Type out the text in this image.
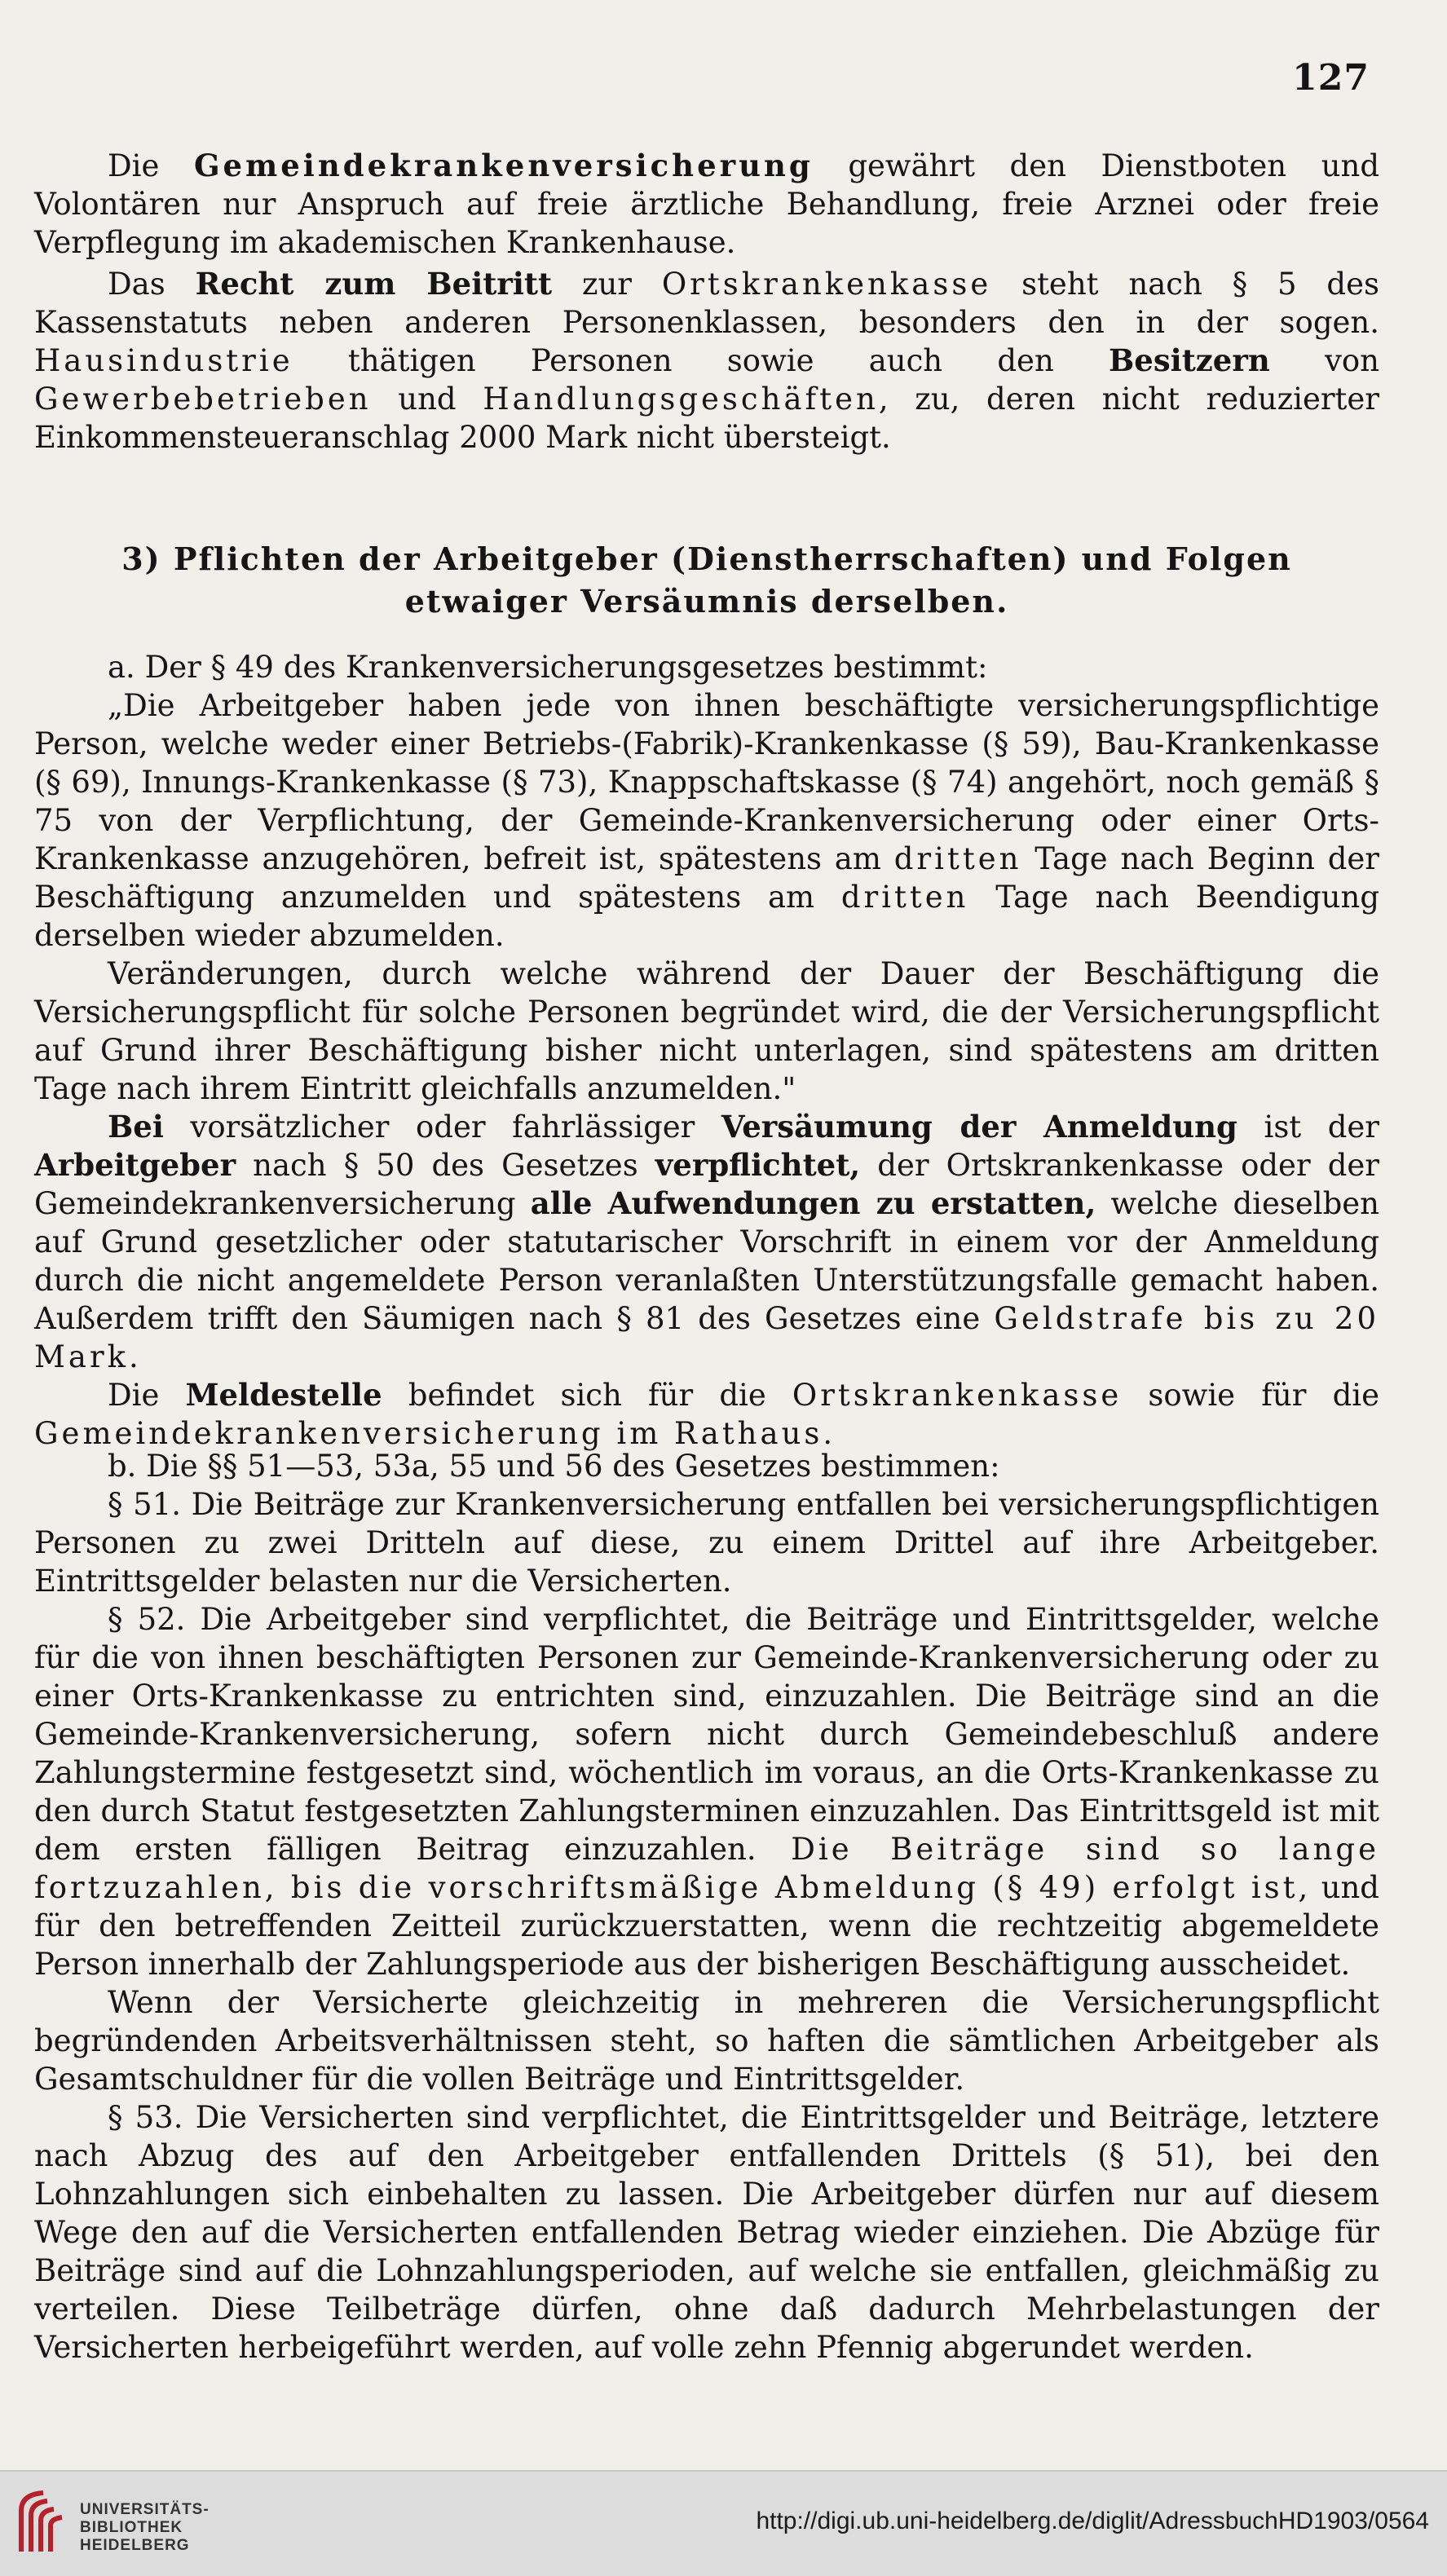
127

Die Gemeindekrankenversicherung gewährt den Dienstboten und Volontären nur Anspruch auf freie ärztliche Behandlung, freie Arznei oder freie Verpflegung im akademischen Krankenhause.

Das Recht zum Beitritt zur Ortskrankenkasse steht nach § 5 des Kassenstatuts neben anderen Personenklassen, besonders den in der sogen. Hausindustrie thätigen Personen sowie auch den Besitzern von Gewerbebetrieben und Handlungsgeschäften, zu, deren nicht reduzierter Einkommensteueranschlag 2000 Mark nicht übersteigt.

3) Pflichten der Arbeitgeber (Dienstherrschaften) und Folgen
etwaiger Versäumnis derselben.

a. Der § 49 des Krankenversicherungsgesetzes bestimmt:

„Die Arbeitgeber haben jede von ihnen beschäftigte versicherungspflichtige Person, welche weder einer Betriebs-(Fabrik)-Krankenkasse (§ 59), Bau-Krankenkasse (§ 69), Innungs-Krankenkasse (§ 73), Knappschaftskasse (§ 74) angehört, noch gemäß § 75 von der Verpflichtung, der Gemeinde-Krankenversicherung oder einer Orts-Krankenkasse anzugehören, befreit ist, spätestens am dritten Tage nach Beginn der Beschäftigung anzumelden und spätestens am dritten Tage nach Beendigung derselben wieder abzumelden.

Veränderungen, durch welche während der Dauer der Beschäftigung die Versicherungspflicht für solche Personen begründet wird, die der Versicherungspflicht auf Grund ihrer Beschäftigung bisher nicht unterlagen, sind spätestens am dritten Tage nach ihrem Eintritt gleichfalls anzumelden."

Bei vorsätzlicher oder fahrlässiger Versäumung der Anmeldung ist der Arbeitgeber nach § 50 des Gesetzes verpflichtet, der Ortskrankenkasse oder der Gemeindekrankenversicherung alle Aufwendungen zu erstatten, welche dieselben auf Grund gesetzlicher oder statutarischer Vorschrift in einem vor der Anmeldung durch die nicht angemeldete Person veranlaßten Unterstützungsfalle gemacht haben. Außerdem trifft den Säumigen nach § 81 des Gesetzes eine Geldstrafe bis zu 20 Mark.

Die Meldestelle befindet sich für die Ortskrankenkasse sowie für die Gemeindekrankenversicherung im Rathaus.

b. Die §§ 51—53, 53a, 55 und 56 des Gesetzes bestimmen:

§ 51. Die Beiträge zur Krankenversicherung entfallen bei versicherungspflichtigen Personen zu zwei Dritteln auf diese, zu einem Drittel auf ihre Arbeitgeber. Eintrittsgelder belasten nur die Versicherten.

§ 52. Die Arbeitgeber sind verpflichtet, die Beiträge und Eintrittsgelder, welche für die von ihnen beschäftigten Personen zur Gemeinde-Krankenversicherung oder zu einer Orts-Krankenkasse zu entrichten sind, einzuzahlen. Die Beiträge sind an die Gemeinde-Krankenversicherung, sofern nicht durch Gemeindebeschluß andere Zahlungstermine festgesetzt sind, wöchentlich im voraus, an die Orts-Krankenkasse zu den durch Statut festgesetzten Zahlungsterminen einzuzahlen. Das Eintrittsgeld ist mit dem ersten fälligen Beitrag einzuzahlen. Die Beiträge sind so lange fortzuzahlen, bis die vorschriftsmäßige Abmeldung (§ 49) erfolgt ist, und für den betreffenden Zeitteil zurückzuerstatten, wenn die rechtzeitig abgemeldete Person innerhalb der Zahlungsperiode aus der bisherigen Beschäftigung ausscheidet.

Wenn der Versicherte gleichzeitig in mehreren die Versicherungspflicht begründenden Arbeitsverhältnissen steht, so haften die sämtlichen Arbeitgeber als Gesamtschuldner für die vollen Beiträge und Eintrittsgelder.

§ 53. Die Versicherten sind verpflichtet, die Eintrittsgelder und Beiträge, letztere nach Abzug des auf den Arbeitgeber entfallenden Drittels (§ 51), bei den Lohnzahlungen sich einbehalten zu lassen. Die Arbeitgeber dürfen nur auf diesem Wege den auf die Versicherten entfallenden Betrag wieder einziehen. Die Abzüge für Beiträge sind auf die Lohnzahlungsperioden, auf welche sie entfallen, gleichmäßig zu verteilen. Diese Teilbeträge dürfen, ohne daß dadurch Mehrbelastungen der Versicherten herbeigeführt werden, auf volle zehn Pfennig abgerundet werden.

UNIVERSITÄTS-
BIBLIOTHEK
HEIDELBERG
http://digi.ub.uni-heidelberg.de/diglit/AdressbuchHD1903/0564
